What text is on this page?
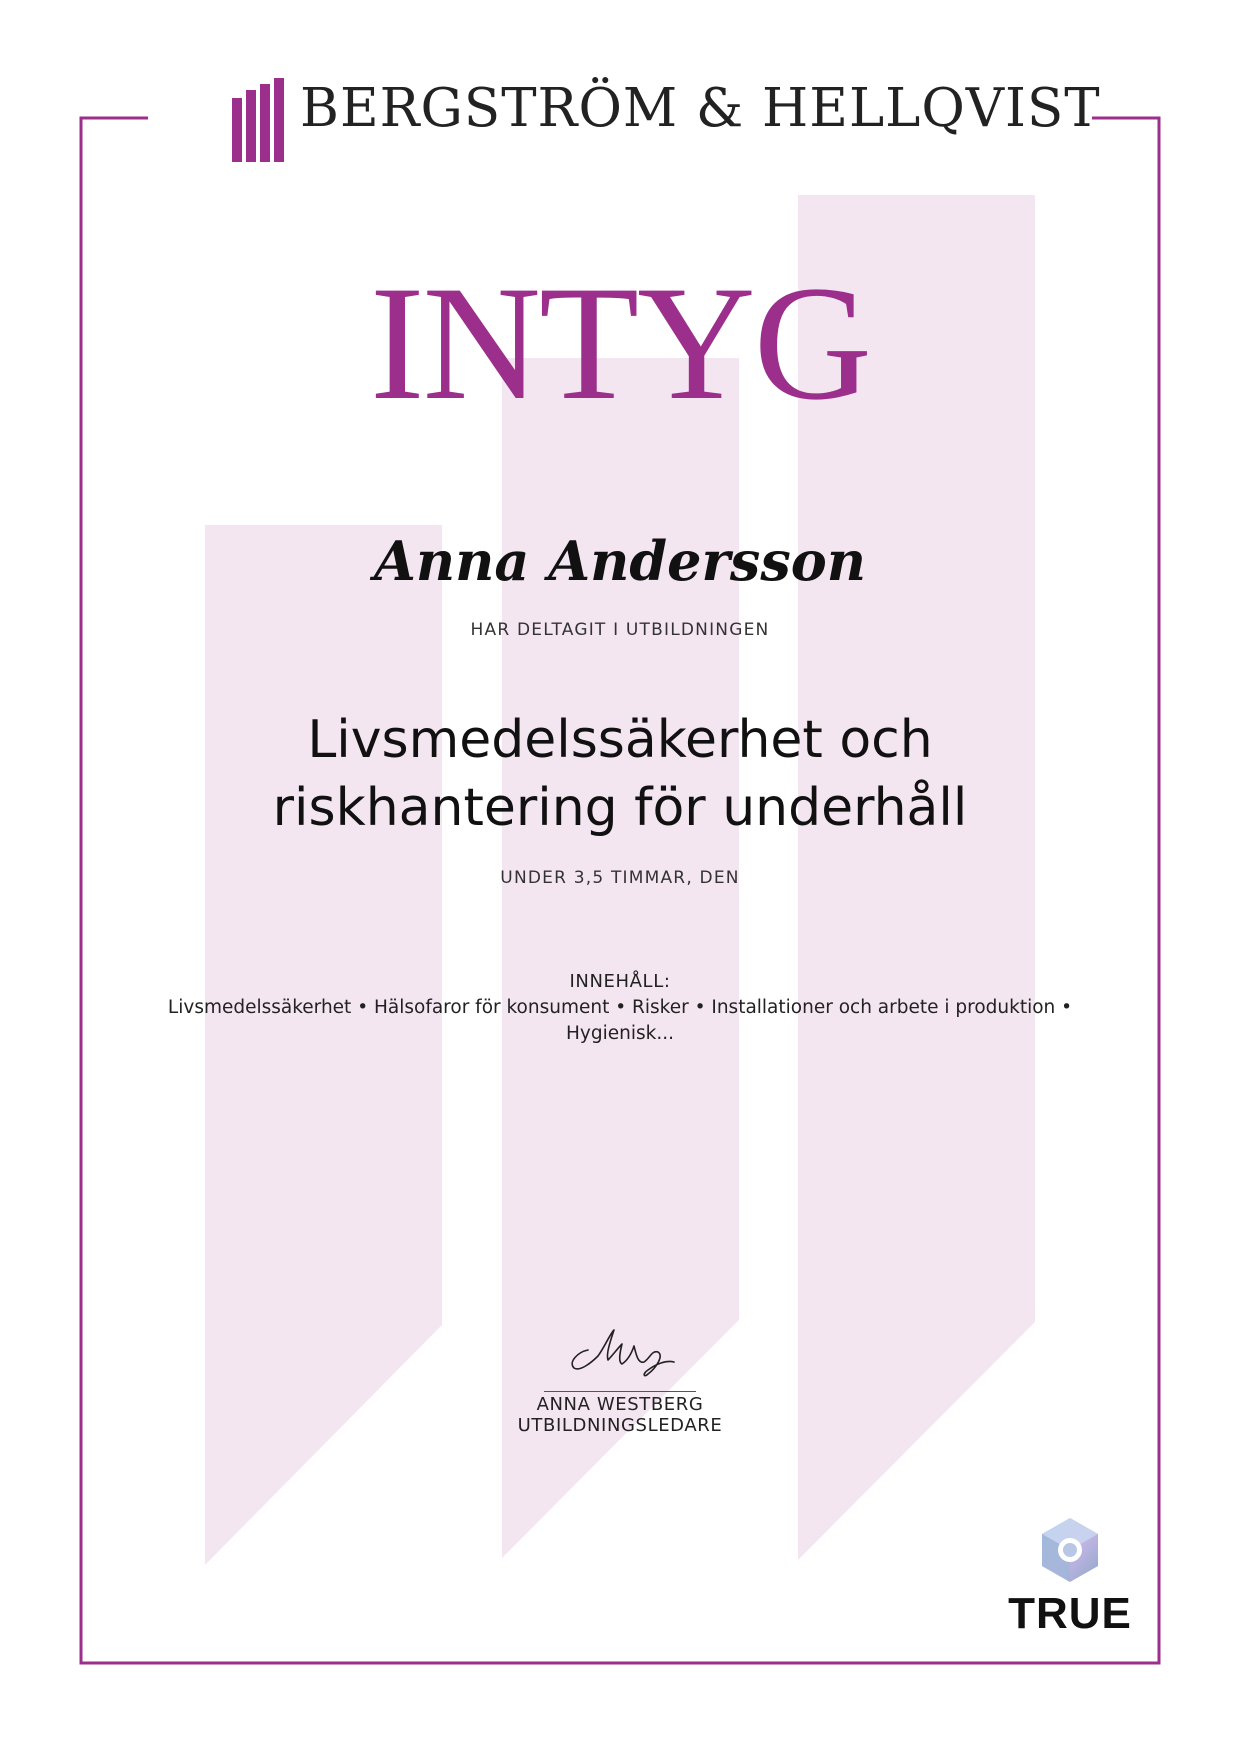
BERGSTRÖM & HELLQVIST
INTYG
Anna Andersson
HAR DELTAGIT I UTBILDNINGEN
Livsmedelssäkerhet och
riskhantering för underhåll
UNDER 3,5 TIMMAR, DEN
INNEHÅLL:
Livsmedelssäkerhet • Hälsofaror för konsument • Risker • Installationer och arbete i produktion • Hygienisk...
ANNA WESTBERG
UTBILDNINGSLEDARE
TRUE
